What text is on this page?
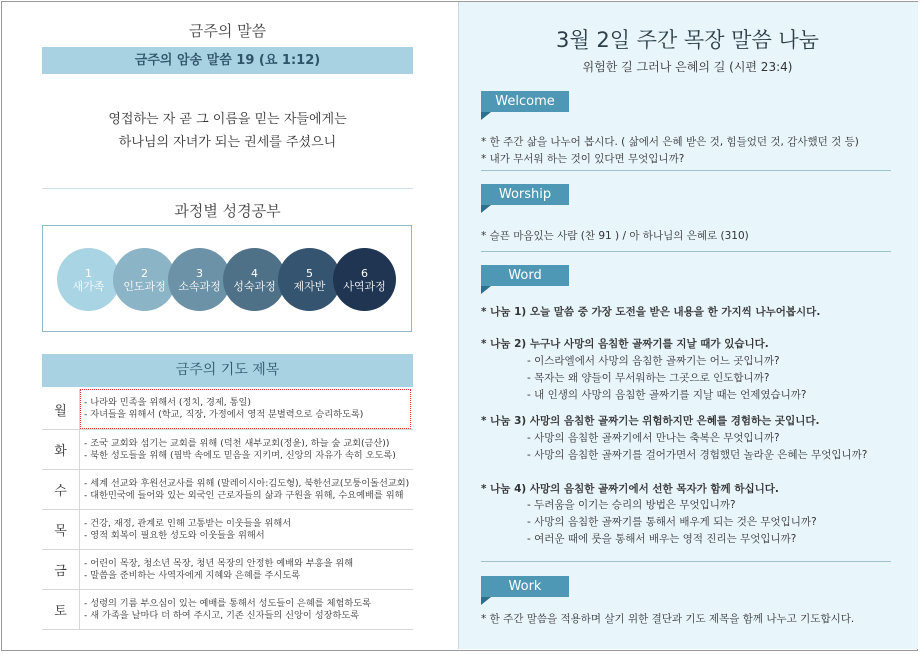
금주의 말씀
금주의 암송 말씀 19 (요 1:12)
영접하는 자 곧 그 이름을 믿는 자들에게는
하나님의 자녀가 되는 권세를 주셨으니
과정별 성경공부
1
새가족
2
인도과정
3
소속과정
4
성숙과정
5
제자반
6
사역과정
금주의 기도 제목
월
- 나라와 민족을 위해서 (정치, 경제, 통일)
- 자녀들을 위해서 (학교, 직장, 가정에서 영적 분별력으로 승리하도록)
화
- 조국 교회와 섬기는 교회를 위해 (덕천 새부교회(정윤), 하늘 숲 교회(금산))
- 북한 성도들을 위해 (핍박 속에도 믿음을 지키며, 신앙의 자유가 속히 오도록)
수
- 세계 선교와 후원선교사를 위해 (말레이시아:김도형), 북한선교(모퉁이돌선교회)
- 대한민국에 들어와 있는 외국인 근로자들의 삶과 구원을 위해, 수요예배를 위해
목
- 건강, 재정, 관계로 인해 고통받는 이웃들을 위해서
- 영적 회복이 필요한 성도와 이웃들을 위해서
금
- 어린이 목장, 청소년 목장, 청년 목장의 안정한 예배와 부흥을 위해
- 말씀을 준비하는 사역자에게 지혜와 은혜를 주시도록
토
- 성령의 기름 부으심이 있는 예배를 통해서 성도들이 은혜를 체험하도록
- 새 가족을 날마다 더 하여 주시고, 기존 신자들의 신앙이 성장하도록
3월 2일 주간 목장 말씀 나눔
위험한 길 그러나 은혜의 길 (시편 23:4)
Welcome
* 한 주간 삶을 나누어 봅시다. ( 삶에서 은혜 받은 것, 힘들었던 것, 감사했던 것 등)
* 내가 무서워 하는 것이 있다면 무엇입니까?
Worship
* 슬픈 마음있는 사람 (찬 91 ) / 아 하나님의 은혜로 (310)
Word
* 나눔 1) 오늘 말씀 중 가장 도전을 받은 내용을 한 가지씩 나누어봅시다.
* 나눔 2) 누구나 사망의 음침한 골짜기를 지날 때가 있습니다.
- 이스라엘에서 사망의 음침한 골짜기는 어느 곳입니까?
- 목자는 왜 양들이 무서워하는 그곳으로 인도합니까?
- 내 인생의 사망의 음침한 골짜기를 지날 때는 언제였습니까?
* 나눔 3) 사망의 음침한 골짜기는 위험하지만 은혜를 경험하는 곳입니다.
- 사망의 음침한 골짜기에서 만나는 축복은 무엇입니까?
- 사망의 음침한 골짜기를 걸어가면서 경험했던 놀라운 은혜는 무엇입니까?
* 나눔 4) 사망의 음침한 골짜기에서 선한 목자가 함께 하십니다.
- 두려움을 이기는 승리의 방법은 무엇입니까?
- 사망의 음침한 골짜기를 통해서 배우게 되는 것은 무엇입니까?
- 여러운 때에 룻을 통해서 배우는 영적 진리는 무엇입니까?
Work
* 한 주간 말씀을 적용하며 살기 위한 결단과 기도 제목을 함께 나누고 기도합시다.
